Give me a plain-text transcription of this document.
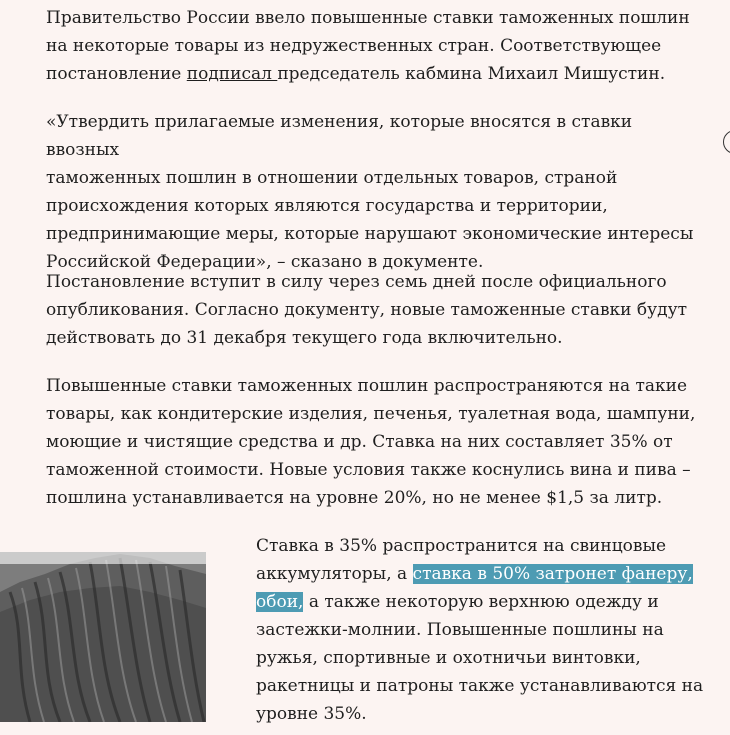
Правительство России ввело повышенные ставки таможенных пошлин
на некоторые товары из недружественных стран. Соответствующее
постановление подписал председатель кабмина Михаил Мишустин.

«Утвердить прилагаемые изменения, которые вносятся в ставки ввозных
таможенных пошлин в отношении отдельных товаров, страной
происхождения которых являются государства и территории,
предпринимающие меры, которые нарушают экономические интересы
Российской Федерации», – сказано в документе.

Постановление вступит в силу через семь дней после официального
опубликования. Согласно документу, новые таможенные ставки будут
действовать до 31 декабря текущего года включительно.

Повышенные ставки таможенных пошлин распространяются на такие
товары, как кондитерские изделия, печенья, туалетная вода, шампуни,
моющие и чистящие средства и др. Ставка на них составляет 35% от
таможенной стоимости. Новые условия также коснулись вина и пива –
пошлина устанавливается на уровне 20%, но не менее $1,5 за литр.

Ставка в 35% распространится на свинцовые
аккумуляторы, а ставка в 50% затронет фанеру,
обои, а также некоторую верхнюю одежду и
застежки-молнии. Повышенные пошлины на
ружья, спортивные и охотничьи винтовки,
ракетницы и патроны также устанавливаются на
уровне 35%.
